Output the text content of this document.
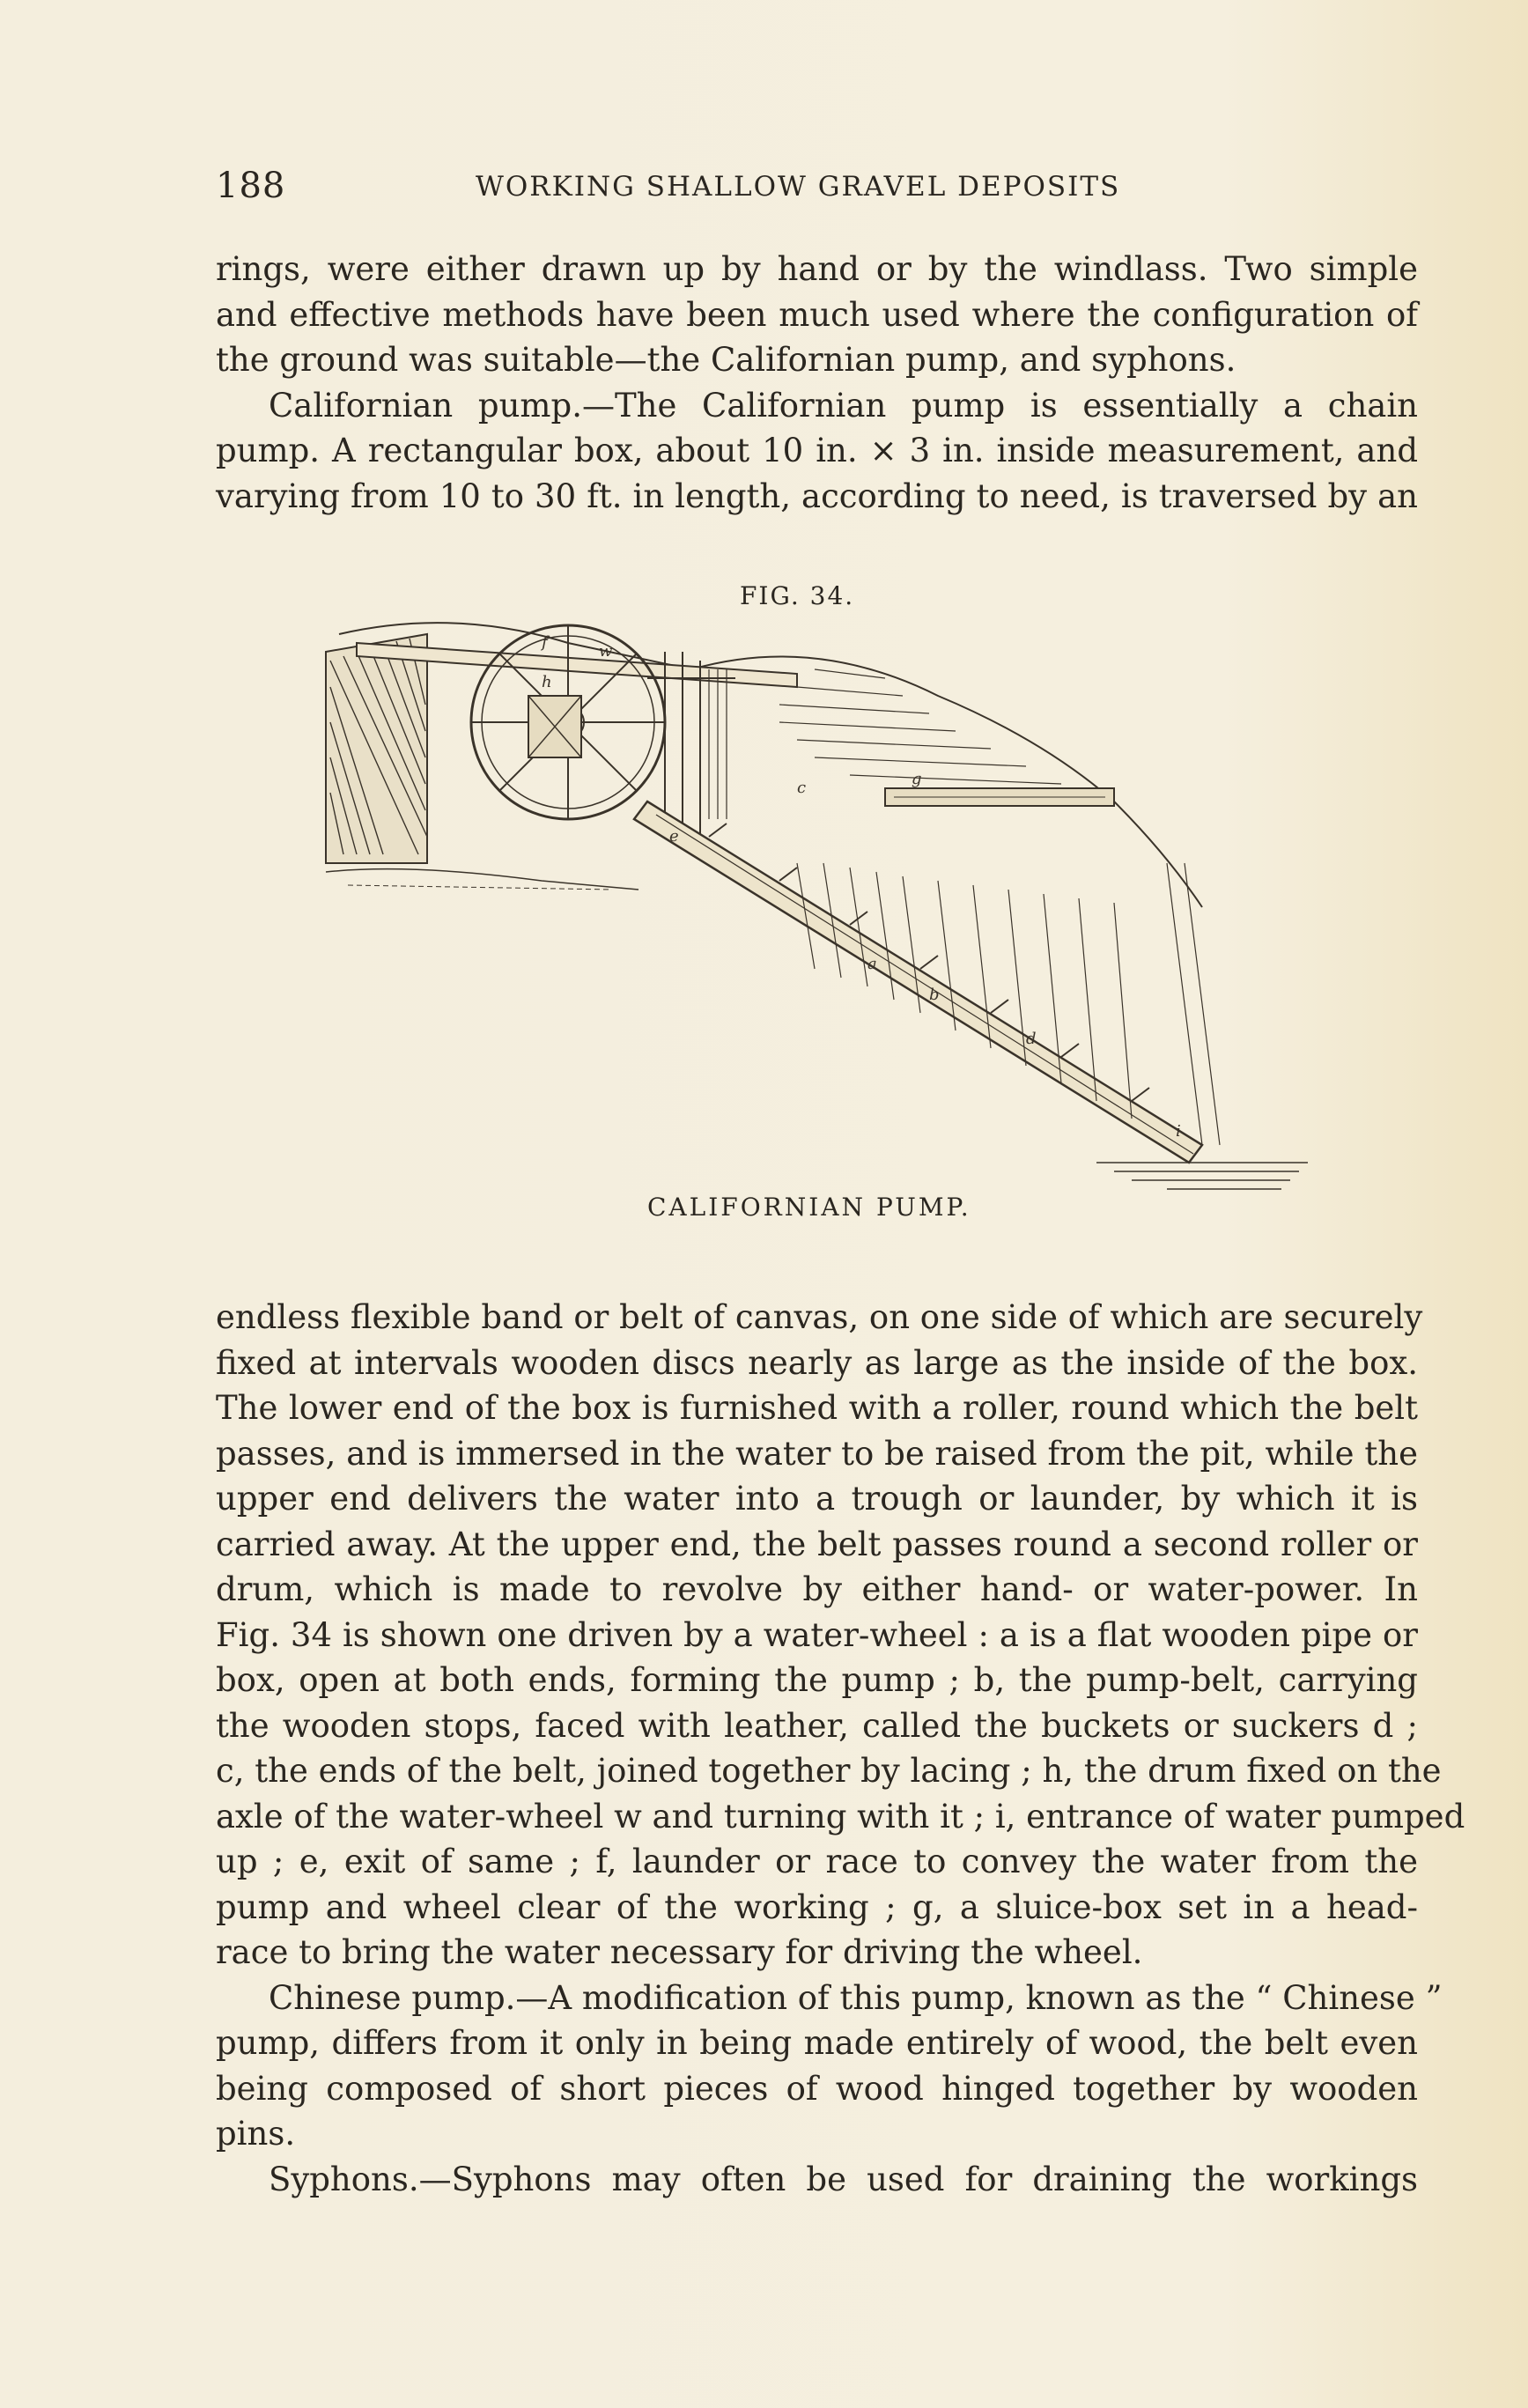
188	WORKING SHALLOW GRAVEL DEPOSITS
rings, were either drawn up by hand or by the windlass. Two simple
and effective methods have been much used where the configuration of
the ground was suitable—the Californian pump, and syphons.
Californian pump.—The Californian pump is essentially a chain
pump. A rectangular box, about 10 in. × 3 in. inside measurement, and
varying from 10 to 30 ft. in length, according to need, is traversed by an
FIG. 34.
a
b
c
d
e
f
g
h
i
w
CALIFORNIAN PUMP.
endless flexible band or belt of canvas, on one side of which are securely
fixed at intervals wooden discs nearly as large as the inside of the box.
The lower end of the box is furnished with a roller, round which the belt
passes, and is immersed in the water to be raised from the pit, while the
upper end delivers the water into a trough or launder, by which it is
carried away. At the upper end, the belt passes round a second roller or
drum, which is made to revolve by either hand- or water-power. In
Fig. 34 is shown one driven by a water-wheel : a is a flat wooden pipe or
box, open at both ends, forming the pump ; b, the pump-belt, carrying
the wooden stops, faced with leather, called the buckets or suckers d ;
c, the ends of the belt, joined together by lacing ; h, the drum fixed on the
axle of the water-wheel w and turning with it ; i, entrance of water pumped
up ; e, exit of same ; f, launder or race to convey the water from the
pump and wheel clear of the working ; g, a sluice-box set in a head-
race to bring the water necessary for driving the wheel.
Chinese pump.—A modification of this pump, known as the “ Chinese ”
pump, differs from it only in being made entirely of wood, the belt even
being composed of short pieces of wood hinged together by wooden
pins.
Syphons.—Syphons may often be used for draining the workings
